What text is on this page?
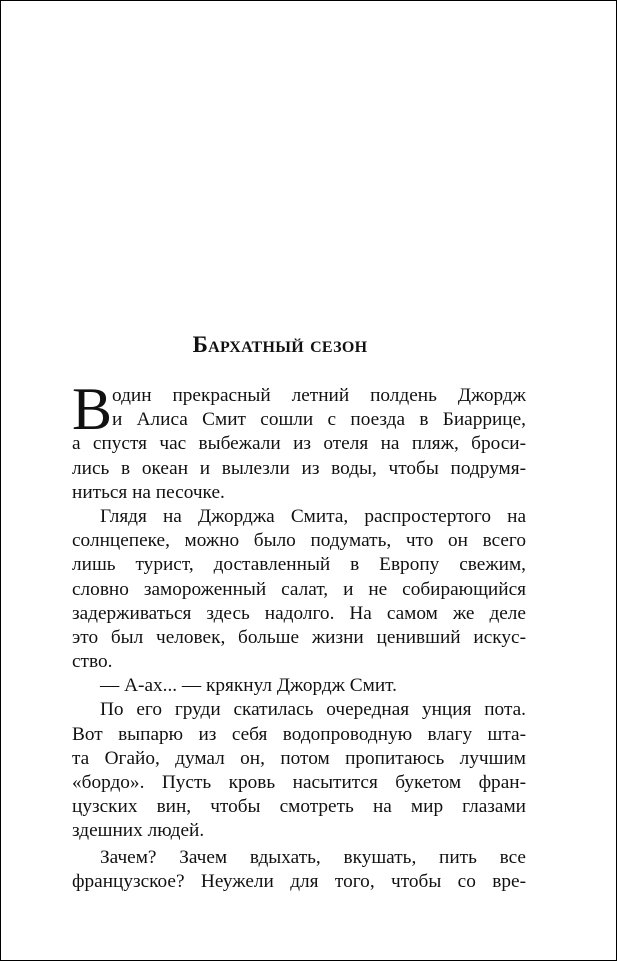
Бархатный сезон
В один прекрасный летний полдень Джордж
и Алиса Смит сошли с поезда в Биаррице,
а спустя час выбежали из отеля на пляж, броси-
лись в океан и вылезли из воды, чтобы подрумя-
ниться на песочке.
Глядя на Джорджа Смита, распростертого на
солнцепеке, можно было подумать, что он всего
лишь турист, доставленный в Европу свежим,
словно замороженный салат, и не собирающийся
задерживаться здесь надолго. На самом же деле
это был человек, больше жизни ценивший искус-
ство.
— А-ах... — крякнул Джордж Смит.
По его груди скатилась очередная унция пота.
Вот выпарю из себя водопроводную влагу шта-
та Огайо, думал он, потом пропитаюсь лучшим
«бордо». Пусть кровь насытится букетом фран-
цузских вин, чтобы смотреть на мир глазами
здешних людей.
Зачем? Зачем вдыхать, вкушать, пить все
французское? Неужели для того, чтобы со вре-
